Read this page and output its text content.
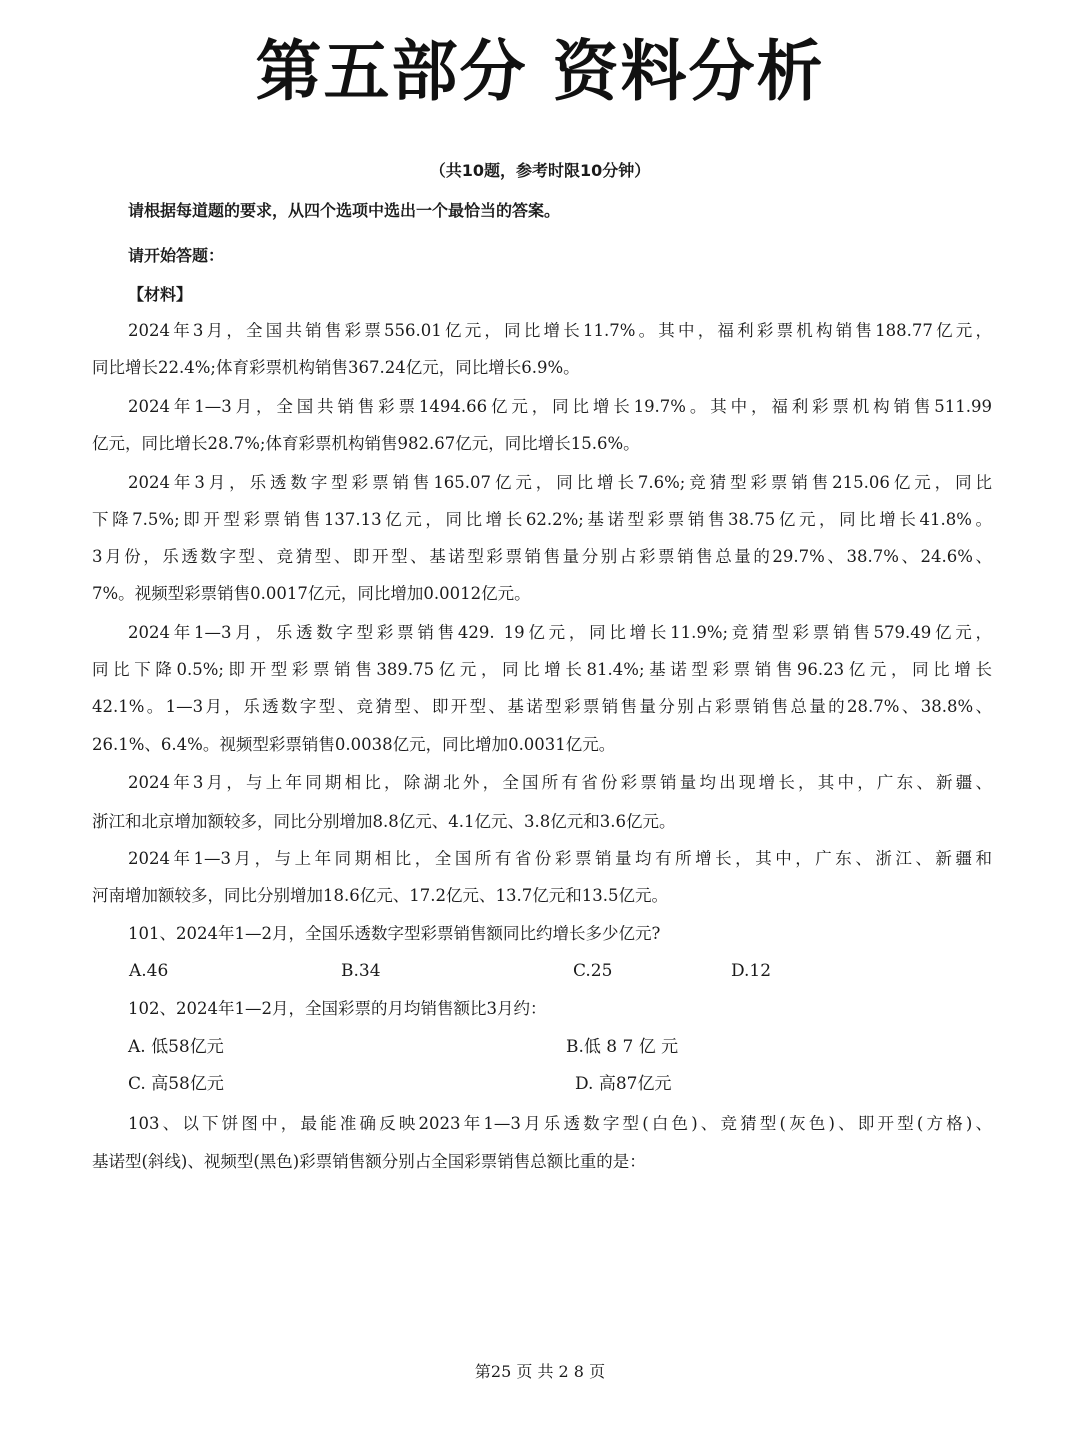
第五部分 资料分析
（共10题，参考时限10分钟）
请根据每道题的要求，从四个选项中选出一个最恰当的答案。
请开始答题：
【材料】
2024年3月，全国共销售彩票556.01亿元，同比增长11.7%。其中，福利彩票机构销售188.77亿元，
同比增长22.4%;体育彩票机构销售367.24亿元，同比增长6.9%。
2024年1—3月，全国共销售彩票1494.66亿元，同比增长19.7%。其中，福利彩票机构销售511.99
亿元，同比增长28.7%;体育彩票机构销售982.67亿元，同比增长15.6%。
2024年3月，乐透数字型彩票销售165.07亿元，同比增长7.6%;竞猜型彩票销售215.06亿元，同比
下降7.5%;即开型彩票销售137.13亿元，同比增长62.2%;基诺型彩票销售38.75亿元，同比增长41.8%。
3月份，乐透数字型、竞猜型、即开型、基诺型彩票销售量分别占彩票销售总量的29.7%、38.7%、24.6%、
7%。视频型彩票销售0.0017亿元，同比增加0.0012亿元。
2024年1—3月，乐透数字型彩票销售429. 19亿元，同比增长11.9%;竞猜型彩票销售579.49亿元，
同比下降0.5%;即开型彩票销售389.75亿元，同比增长81.4%;基诺型彩票销售96.23亿元，同比增长
42.1%。1—3月，乐透数字型、竞猜型、即开型、基诺型彩票销售量分别占彩票销售总量的28.7%、38.8%、
26.1%、6.4%。视频型彩票销售0.0038亿元，同比增加0.0031亿元。
2024年3月，与上年同期相比，除湖北外，全国所有省份彩票销量均出现增长，其中，广东、新疆、
浙江和北京增加额较多，同比分别增加8.8亿元、4.1亿元、3.8亿元和3.6亿元。
2024年1—3月，与上年同期相比，全国所有省份彩票销量均有所增长，其中，广东、浙江、新疆和
河南增加额较多，同比分别增加18.6亿元、17.2亿元、13.7亿元和13.5亿元。
101、2024年1—2月，全国乐透数字型彩票销售额同比约增长多少亿元?
A.46	B.34	C.25	D.12
102、2024年1—2月，全国彩票的月均销售额比3月约：
A. 低58亿元	B.低 8 7 亿 元
C. 高58亿元	D. 高87亿元
103、以下饼图中，最能准确反映2023年1—3月乐透数字型(白色)、竞猜型(灰色)、即开型(方格)、
基诺型(斜线)、视频型(黑色)彩票销售额分别占全国彩票销售总额比重的是：
第25 页 共 2 8 页
